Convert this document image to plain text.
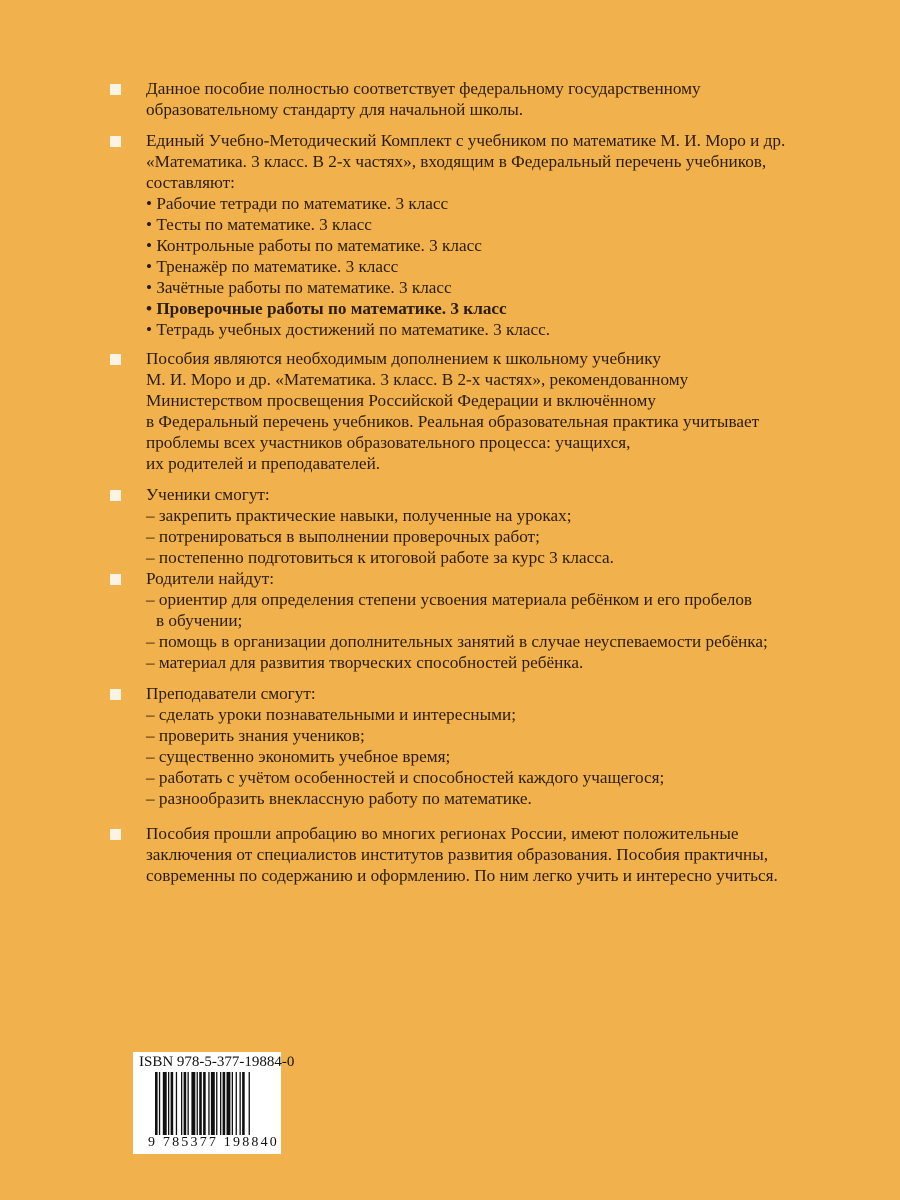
Данное пособие полностью соответствует федеральному государственному
образовательному стандарту для начальной школы.
Единый Учебно-Методический Комплект с учебником по математике М. И. Моро и др.
«Математика. 3 класс. В 2-х частях», входящим в Федеральный перечень учебников,
составляют:
• Рабочие тетради по математике. 3 класс
• Тесты по математике. 3 класс
• Контрольные работы по математике. 3 класс
• Тренажёр по математике. 3 класс
• Зачётные работы по математике. 3 класс
• Проверочные работы по математике. 3 класс
• Тетрадь учебных достижений по математике. 3 класс.
Пособия являются необходимым дополнением к школьному учебнику
М. И. Моро и др. «Математика. 3 класс. В 2-х частях», рекомендованному
Министерством просвещения Российской Федерации и включённому
в Федеральный перечень учебников. Реальная образовательная практика учитывает
проблемы всех участников образовательного процесса: учащихся,
их родителей и преподавателей.
Ученики смогут:
– закрепить практические навыки, полученные на уроках;
– потренироваться в выполнении проверочных работ;
– постепенно подготовиться к итоговой работе за курс 3 класса.
Родители найдут:
– ориентир для определения степени усвоения материала ребёнком и его пробелов
в обучении;
– помощь в организации дополнительных занятий в случае неуспеваемости ребёнка;
– материал для развития творческих способностей ребёнка.
Преподаватели смогут:
– сделать уроки познавательными и интересными;
– проверить знания учеников;
– существенно экономить учебное время;
– работать с учётом особенностей и способностей каждого учащегося;
– разнообразить внеклассную работу по математике.
Пособия прошли апробацию во многих регионах России, имеют положительные
заключения от специалистов институтов развития образования. Пособия практичны,
современны по содержанию и оформлению. По ним легко учить и интересно учиться.
ISBN 978-5-377-19884-0
9 785377 198840
